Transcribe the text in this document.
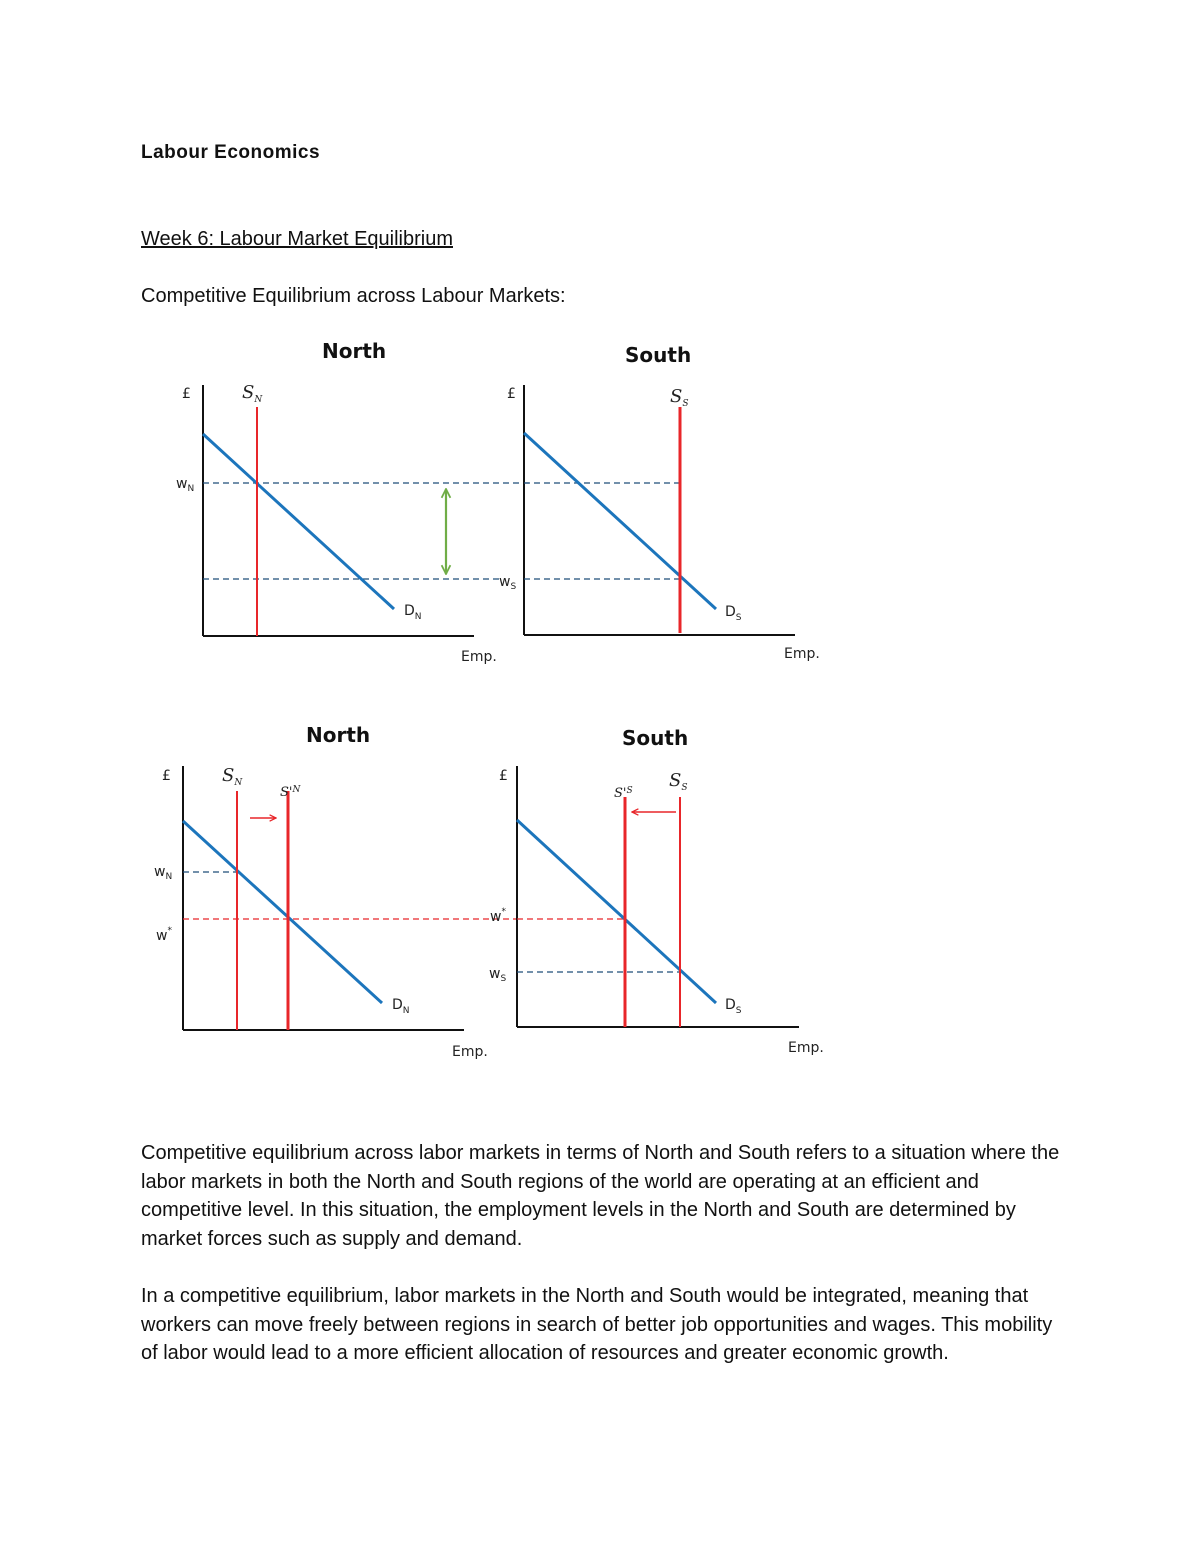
Labour Economics
Week 6: Labour Market Equilibrium
Competitive Equilibrium across Labour Markets:
North
£
Emp.
$S_N$
$w_N$
$D_N$
South
£
Emp.
$S_S$
$w_S$
$D_S$
North
£
Emp.
$S_N$
$S'^N$
$w_N$
w*
$D_N$
South
£
Emp.
$S'^S$ $S_S$
w*
$w_S$
$D_S$

Competitive equilibrium across labor markets in terms of North and South refers to a situation where the labor markets in both the North and South regions of the world are operating at an efficient and competitive level. In this situation, the employment levels in the North and South are determined by market forces such as supply and demand.

In a competitive equilibrium, labor markets in the North and South would be integrated, meaning that workers can move freely between regions in search of better job opportunities and wages. This mobility of labor would lead to a more efficient allocation of resources and greater economic growth.
